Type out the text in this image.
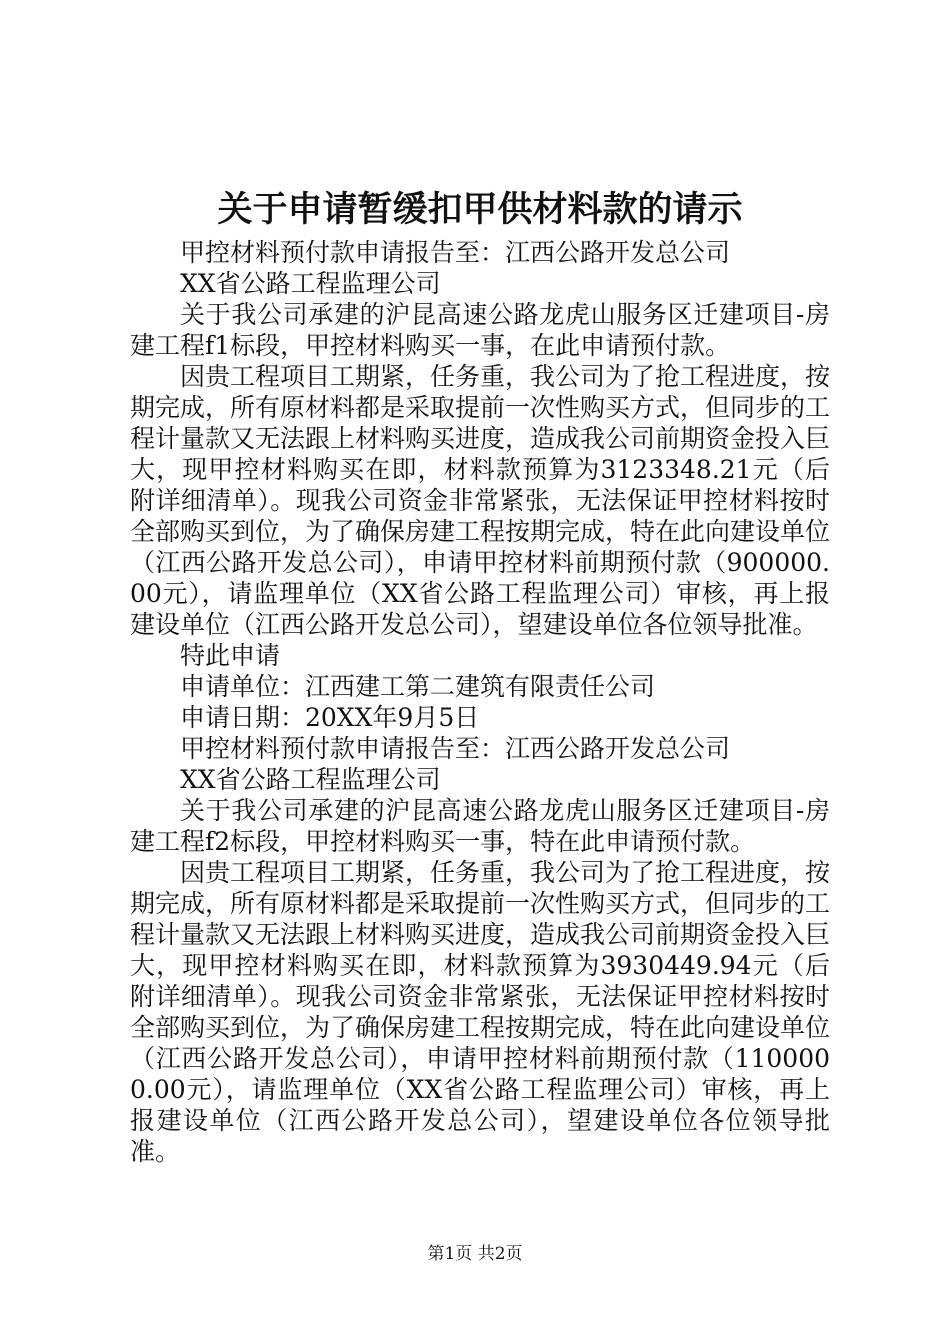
关于申请暂缓扣甲供材料款的请示

甲控材料预付款申请报告至：江西公路开发总公司

XX省公路工程监理公司

关于我公司承建的沪昆高速公路龙虎山服务区迁建项目-房建工程f1标段，甲控材料购买一事，在此申请预付款。

因贵工程项目工期紧，任务重，我公司为了抢工程进度，按期完成，所有原材料都是采取提前一次性购买方式，但同步的工程计量款又无法跟上材料购买进度，造成我公司前期资金投入巨大，现甲控材料购买在即，材料款预算为3123348.21元（后附详细清单）。现我公司资金非常紧张，无法保证甲控材料按时全部购买到位，为了确保房建工程按期完成，特在此向建设单位（江西公路开发总公司），申请甲控材料前期预付款（900000.00元），请监理单位（XX省公路工程监理公司）审核，再上报建设单位（江西公路开发总公司），望建设单位各位领导批准。

特此申请

申请单位：江西建工第二建筑有限责任公司

申请日期：20XX年9月5日

甲控材料预付款申请报告至：江西公路开发总公司

XX省公路工程监理公司

关于我公司承建的沪昆高速公路龙虎山服务区迁建项目-房建工程f2标段，甲控材料购买一事，特在此申请预付款。

因贵工程项目工期紧，任务重，我公司为了抢工程进度，按期完成，所有原材料都是采取提前一次性购买方式，但同步的工程计量款又无法跟上材料购买进度，造成我公司前期资金投入巨大，现甲控材料购买在即，材料款预算为3930449.94元（后附详细清单）。现我公司资金非常紧张，无法保证甲控材料按时全部购买到位，为了确保房建工程按期完成，特在此向建设单位（江西公路开发总公司），申请甲控材料前期预付款（1100000.00元），请监理单位（XX省公路工程监理公司）审核，再上报建设单位（江西公路开发总公司），望建设单位各位领导批准。

第1页 共2页
